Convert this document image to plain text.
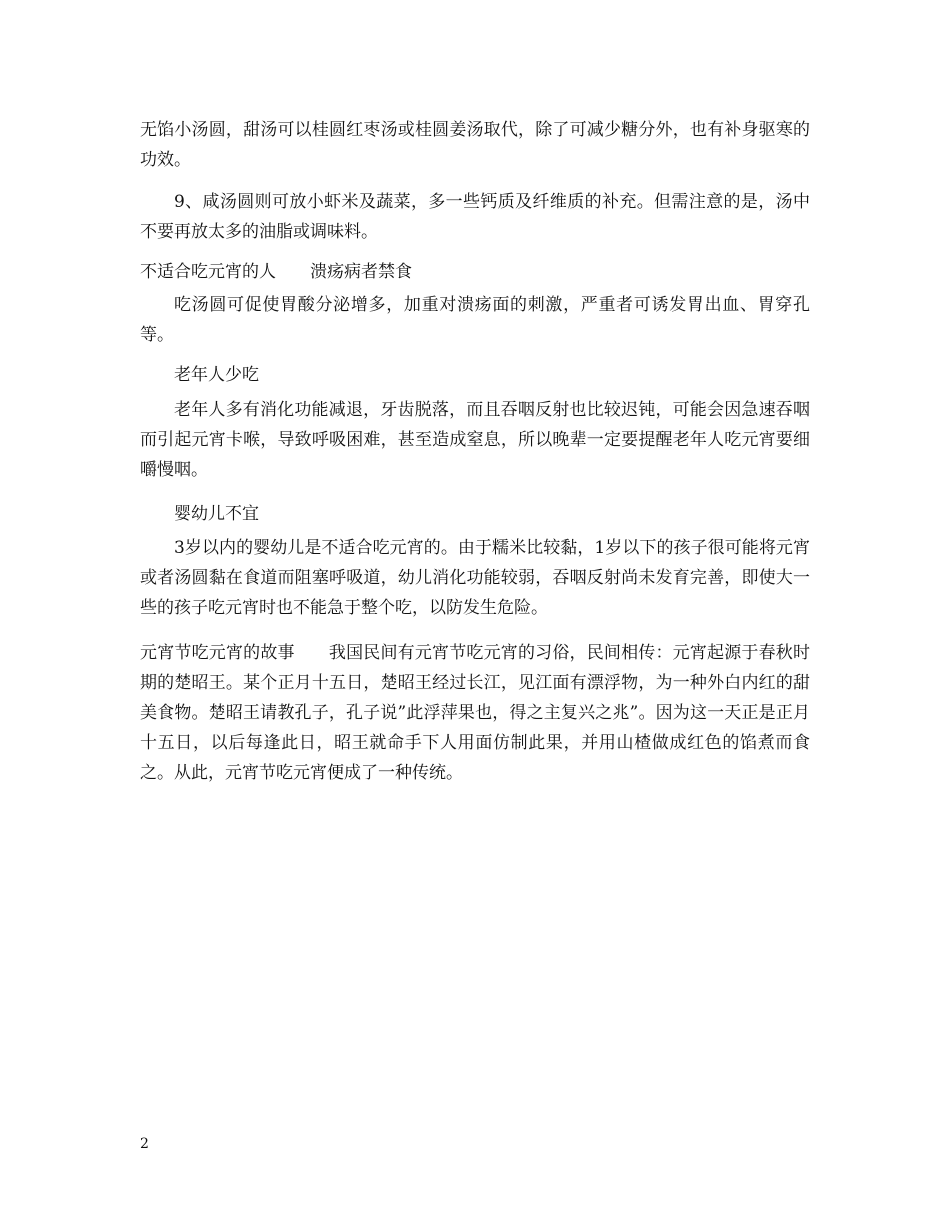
无馅小汤圆，甜汤可以桂圆红枣汤或桂圆姜汤取代，除了可减少糖分外，也有补身驱寒的功效。

9、咸汤圆则可放小虾米及蔬菜，多一些钙质及纤维质的补充。但需注意的是，汤中不要再放太多的油脂或调味料。

不适合吃元宵的人 溃疡病者禁食

吃汤圆可促使胃酸分泌增多，加重对溃疡面的刺激，严重者可诱发胃出血、胃穿孔等。

老年人少吃

老年人多有消化功能减退，牙齿脱落，而且吞咽反射也比较迟钝，可能会因急速吞咽而引起元宵卡喉，导致呼吸困难，甚至造成窒息，所以晚辈一定要提醒老年人吃元宵要细嚼慢咽。

婴幼儿不宜

3岁以内的婴幼儿是不适合吃元宵的。由于糯米比较黏，1岁以下的孩子很可能将元宵或者汤圆黏在食道而阻塞呼吸道，幼儿消化功能较弱，吞咽反射尚未发育完善，即使大一些的孩子吃元宵时也不能急于整个吃，以防发生危险。

元宵节吃元宵的故事 我国民间有元宵节吃元宵的习俗，民间相传：元宵起源于春秋时期的楚昭王。某个正月十五日，楚昭王经过长江，见江面有漂浮物，为一种外白内红的甜美食物。楚昭王请教孔子，孔子说”此浮萍果也，得之主复兴之兆”。因为这一天正是正月十五日，以后每逢此日，昭王就命手下人用面仿制此果，并用山楂做成红色的馅煮而食之。从此，元宵节吃元宵便成了一种传统。

2
